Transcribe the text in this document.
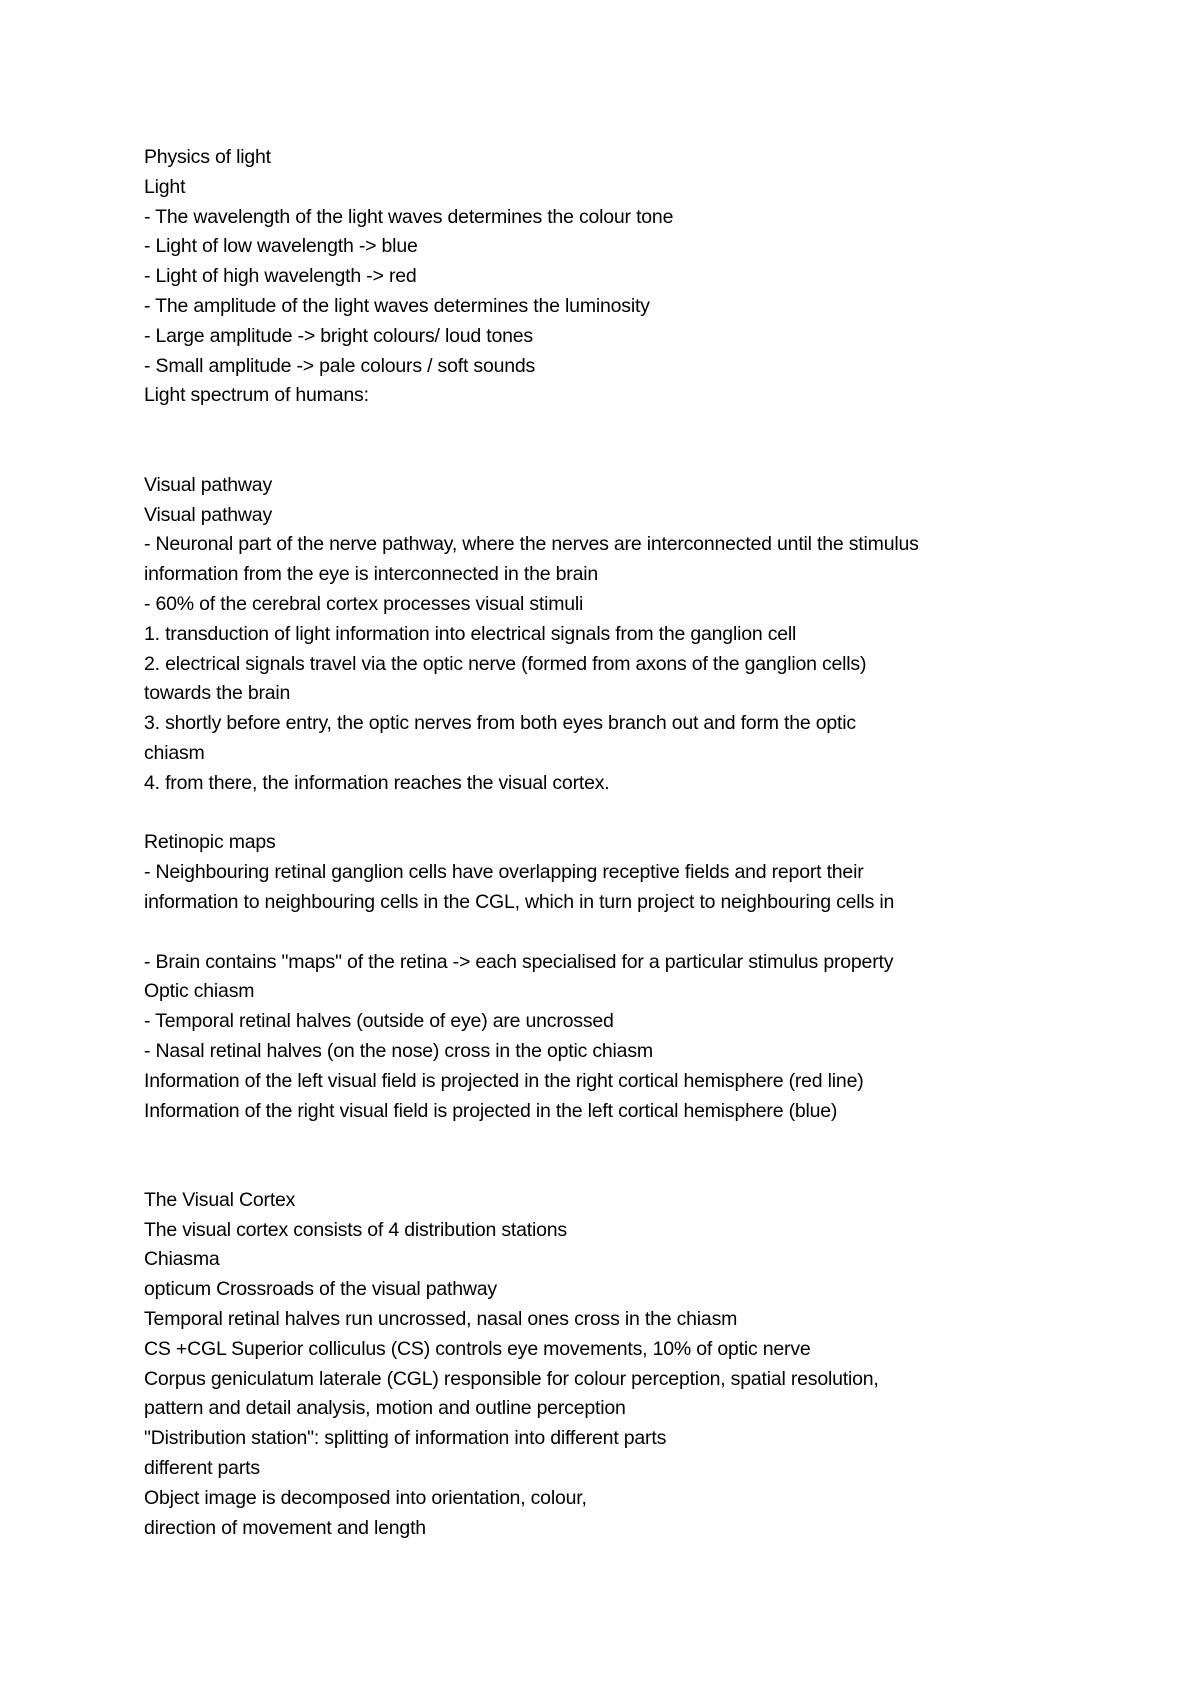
Physics of light
Light
- The wavelength of the light waves determines the colour tone
- Light of low wavelength -> blue
- Light of high wavelength -> red
- The amplitude of the light waves determines the luminosity
- Large amplitude -> bright colours/ loud tones
- Small amplitude -> pale colours / soft sounds
Light spectrum of humans:
Visual pathway
Visual pathway
- Neuronal part of the nerve pathway, where the nerves are interconnected until the stimulus
information from the eye is interconnected in the brain
- 60% of the cerebral cortex processes visual stimuli
1. transduction of light information into electrical signals from the ganglion cell
2. electrical signals travel via the optic nerve (formed from axons of the ganglion cells)
towards the brain
3. shortly before entry, the optic nerves from both eyes branch out and form the optic
chiasm
4. from there, the information reaches the visual cortex.
Retinopic maps
- Neighbouring retinal ganglion cells have overlapping receptive fields and report their
information to neighbouring cells in the CGL, which in turn project to neighbouring cells in
- Brain contains "maps" of the retina -> each specialised for a particular stimulus property
Optic chiasm
- Temporal retinal halves (outside of eye) are uncrossed
- Nasal retinal halves (on the nose) cross in the optic chiasm
Information of the left visual field is projected in the right cortical hemisphere (red line)
Information of the right visual field is projected in the left cortical hemisphere (blue)
The Visual Cortex
The visual cortex consists of 4 distribution stations
Chiasma
opticum Crossroads of the visual pathway
Temporal retinal halves run uncrossed, nasal ones cross in the chiasm
CS +CGL Superior colliculus (CS) controls eye movements, 10% of optic nerve
Corpus geniculatum laterale (CGL) responsible for colour perception, spatial resolution,
pattern and detail analysis, motion and outline perception
"Distribution station": splitting of information into different parts
different parts
Object image is decomposed into orientation, colour,
direction of movement and length
